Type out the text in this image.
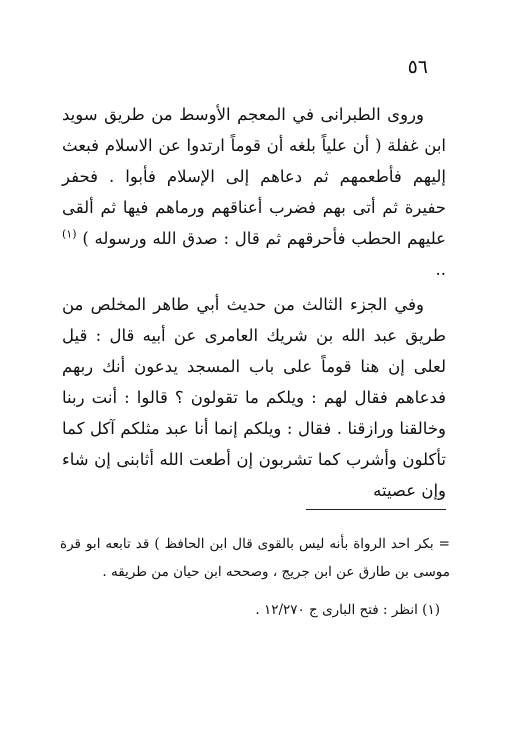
٥٦

وروى الطبرانى في المعجم الأوسط من طريق سويد ابن غفلة ( أن علياً بلغه أن قوماً ارتدوا عن الاسلام فبعث إليهم فأطعمهم ثم دعاهم إلى الإسلام فأبوا . فحفر حفيرة ثم أتى بهم فضرب أعناقهم ورماهم فيها ثم ألقى عليهم الحطب فأحرقهم ثم قال : صدق الله ورسوله ) $^{(١)}$ ..

وفي الجزء الثالث من حديث أبي طاهر المخلص من طريق عبد الله بن شريك العامرى عن أبيه قال : قيل لعلى إن هنا قوماً على باب المسجد يدعون أنك ربهم فدعاهم فقال لهم : ويلكم ما تقولون ؟ قالوا : أنت ربنا وخالقنا ورازقنا . فقال : ويلكم إنما أنا عبد مثلكم آكل كما تأكلون وأشرب كما تشربون إن أطعت الله أثابنى إن شاء وإن عصيته

= بكر احد الرواة بأنه ليس بالقوى قال ابن الحافظ ) قد تابعه ابو قرة موسى بن طارق عن ابن جريج ، وصححه ابن حيان من طريقه .

(١) انظر : فتح البارى ج ١٢/٢٧٠ .
